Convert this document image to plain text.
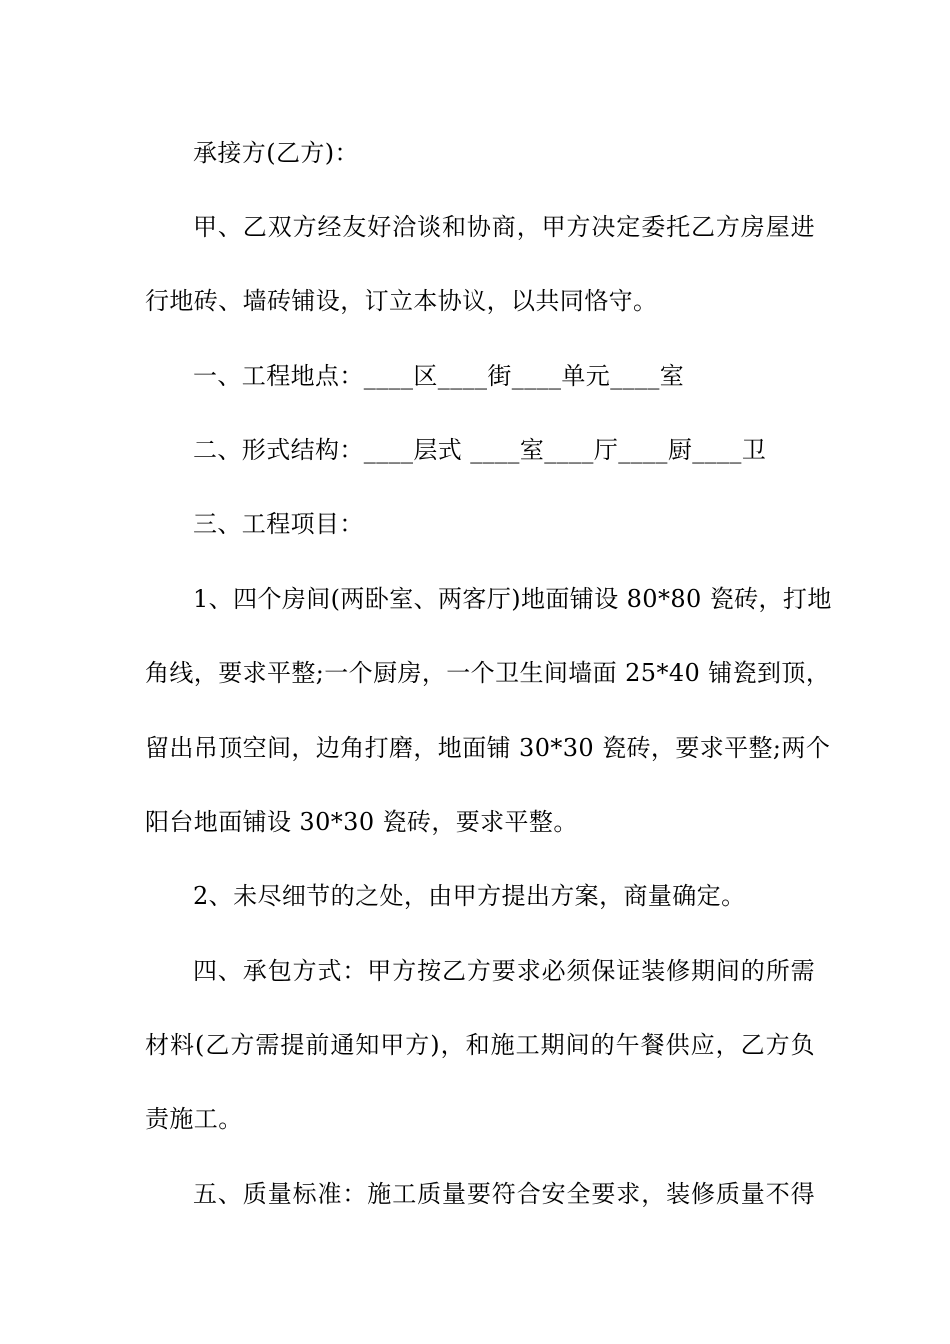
承接方(乙方)：
甲、乙双方经友好洽谈和协商，甲方决定委托乙方房屋进
行地砖、墙砖铺设，订立本协议，以共同恪守。
一、工程地点：____区____街____单元____室
二、形式结构：____层式 ____室____厅____厨____卫
三、工程项目：
1、四个房间(两卧室、两客厅)地面铺设 80*80 瓷砖，打地
角线，要求平整;一个厨房，一个卫生间墙面 25*40 铺瓷到顶，
留出吊顶空间，边角打磨，地面铺 30*30 瓷砖，要求平整;两个
阳台地面铺设 30*30 瓷砖，要求平整。
2、未尽细节的之处，由甲方提出方案，商量确定。
四、承包方式：甲方按乙方要求必须保证装修期间的所需
材料(乙方需提前通知甲方)，和施工期间的午餐供应，乙方负
责施工。
五、质量标准：施工质量要符合安全要求，装修质量不得
